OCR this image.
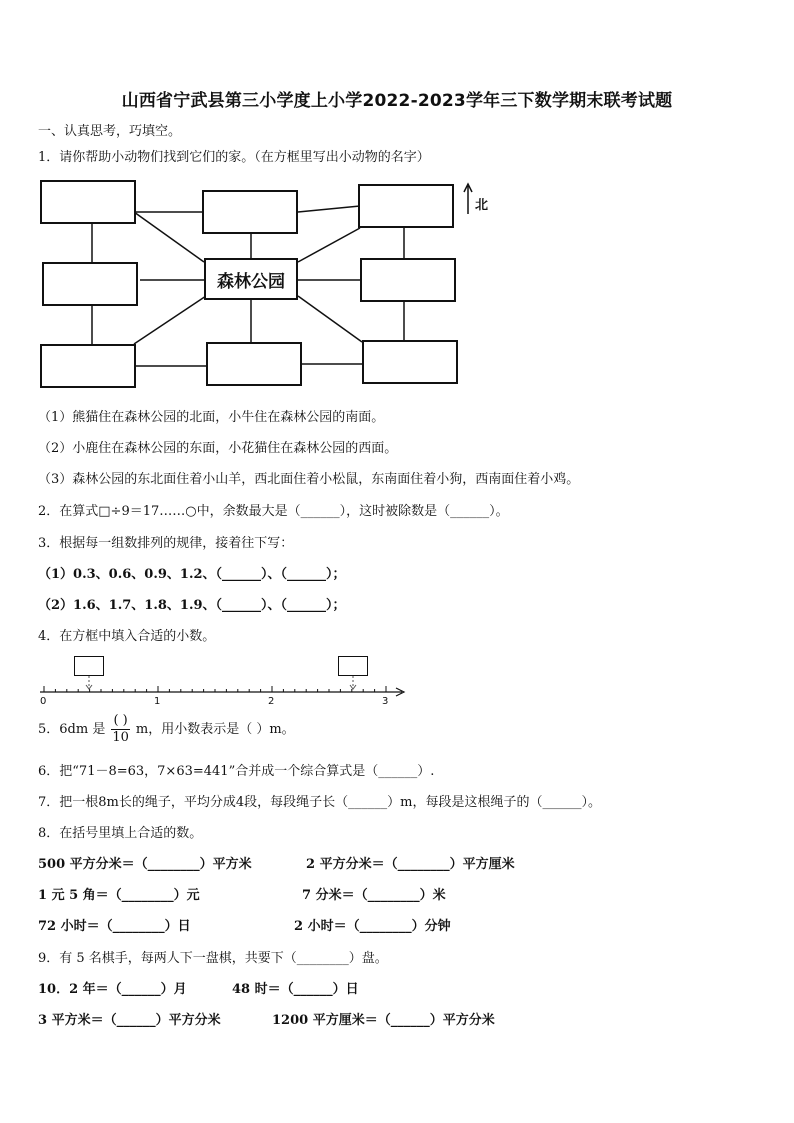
山西省宁武县第三小学度上小学2022-2023学年三下数学期末联考试题
一、认真思考，巧填空。
1．请你帮助小动物们找到它们的家。（在方框里写出小动物的名字）
北
森林公园
（1）熊猫住在森林公园的北面，小牛住在森林公园的南面。
（2）小鹿住在森林公园的东面，小花猫住在森林公园的西面。
（3）森林公园的东北面住着小山羊，西北面住着小松鼠，东南面住着小狗，西南面住着小鸡。
2．在算式□÷9＝17……○中，余数最大是（______），这时被除数是（______）。
3．根据每一组数排列的规律，接着往下写：
（1）0.3、0.6、0.9、1.2、（______）、（______）；
（2）1.6、1.7、1.8、1.9、（______）、（______）；
4．在方框中填入合适的小数。
0	1	2	3
5．6dm 是 $\frac{( )}{10}$ m，用小数表示是（ ）m。
6．把“71－8=63，7×63=441”合并成一个综合算式是（______）.
7．把一根8m长的绳子，平均分成4段，每段绳子长（______）m，每段是这根绳子的（______）。
8．在括号里填上合适的数。
500 平方分米＝（________）平方米	2 平方分米＝（________）平方厘米
1 元 5 角＝（________）元	7 分米＝（________）米
72 小时＝（________）日	2 小时＝（________）分钟
9．有 5 名棋手，每两人下一盘棋，共要下（________）盘。
10．2 年＝（______）月	48 时＝（______）日
3 平方米＝（______）平方分米	1200 平方厘米＝（______）平方分米
